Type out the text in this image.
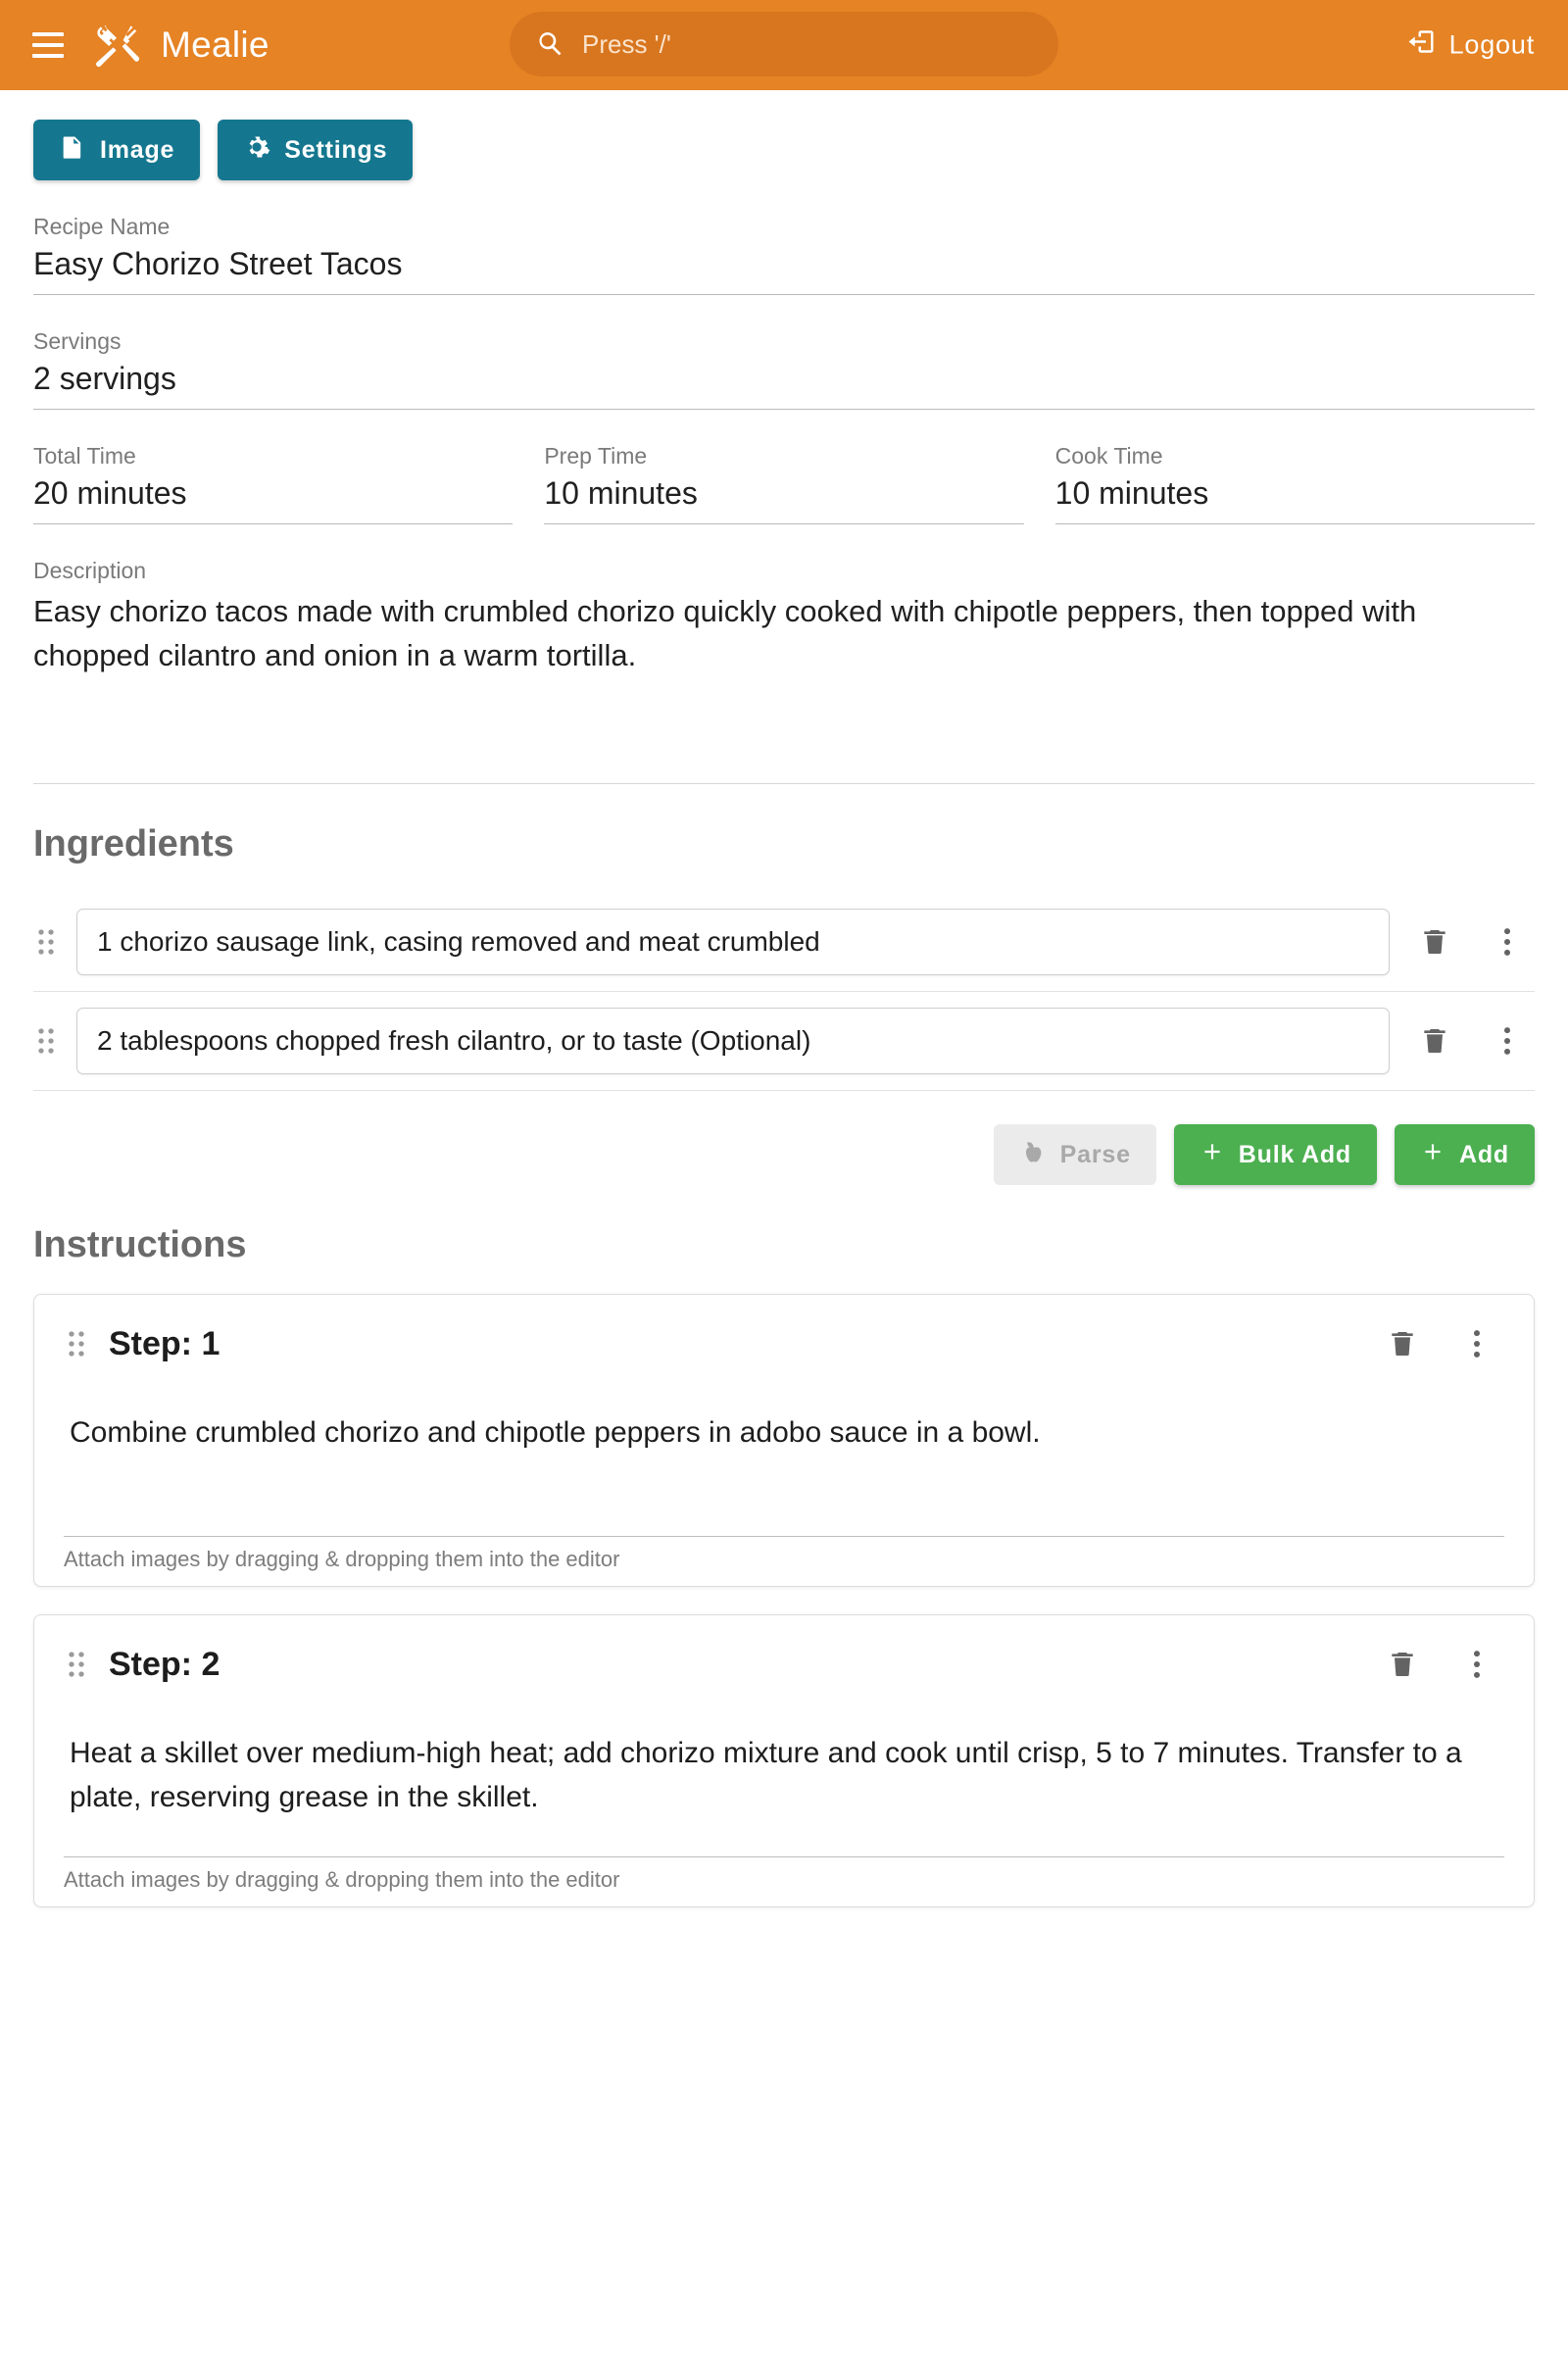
Mealie	Press '/'	Logout
Image	Settings
Recipe Name
Easy Chorizo Street Tacos
Servings
2 servings
Total Time
20 minutes
Prep Time
10 minutes
Cook Time
10 minutes
Description
Easy chorizo tacos made with crumbled chorizo quickly cooked with chipotle peppers, then topped with chopped cilantro and onion in a warm tortilla.
Ingredients
1 chorizo sausage link, casing removed and meat crumbled
2 tablespoons chopped fresh cilantro, or to taste (Optional)
Parse	Bulk Add	Add
Instructions
Step: 1
Combine crumbled chorizo and chipotle peppers in adobo sauce in a bowl.
Attach images by dragging & dropping them into the editor
Step: 2
Heat a skillet over medium-high heat; add chorizo mixture and cook until crisp, 5 to 7 minutes. Transfer to a plate, reserving grease in the skillet.
Attach images by dragging & dropping them into the editor
